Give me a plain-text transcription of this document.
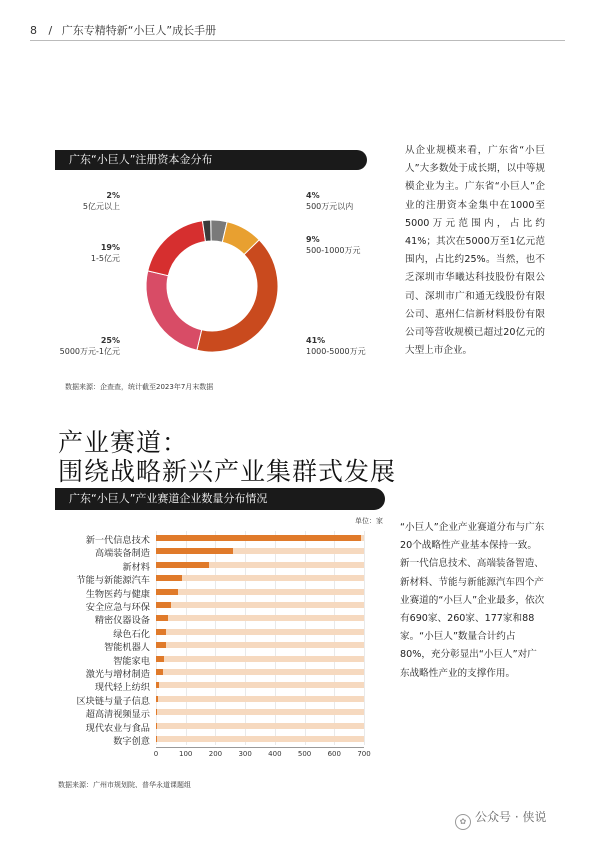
8 / 广东专精特新“小巨人”成长手册
广东“小巨人”注册资本金分布
2%
5亿元以上
4%
500万元以内
9%
500-1000万元
19%
1-5亿元
25%
5000万元-1亿元
41%
1000-5000万元
数据来源：企查查，统计截至2023年7月末数据
从企业规模来看，广东省“小巨人”大多数处于成长期，以中等规模企业为主。广东省“小巨人”企业的注册资本金集中在1000至5000万元范围内，占比约41%；其次在5000万至1亿元范围内，占比约25%。当然，也不乏深圳市华曦达科技股份有限公司、深圳市广和通无线股份有限公司、惠州仁信新材料股份有限公司等营收规模已超过20亿元的大型上市企业。
产业赛道：
围绕战略新兴产业集群式发展
广东“小巨人”产业赛道企业数量分布情况
单位：家
新一代信息技术
高端装备制造
新材料
节能与新能源汽车
生物医药与健康
安全应急与环保
精密仪器设备
绿色石化
智能机器人
智能家电
激光与增材制造
现代轻上纺织
区块链与量子信息
超高清视频显示
现代农业与食品
数字创意
0	100 200 300 400 500 600 700
数据来源：广州市规划院、普华永道课题组
“小巨人”企业产业赛道分布与广东20个战略性产业基本保持一致。新一代信息技术、高端装备智造、新材料、节能与新能源汽车四个产业赛道的“小巨人”企业最多，依次有690家、260家、177家和88家。“小巨人”数量合计约占80%，充分彰显出“小巨人”对广东战略性产业的支撑作用。
✿ 公众号 · 侠说
